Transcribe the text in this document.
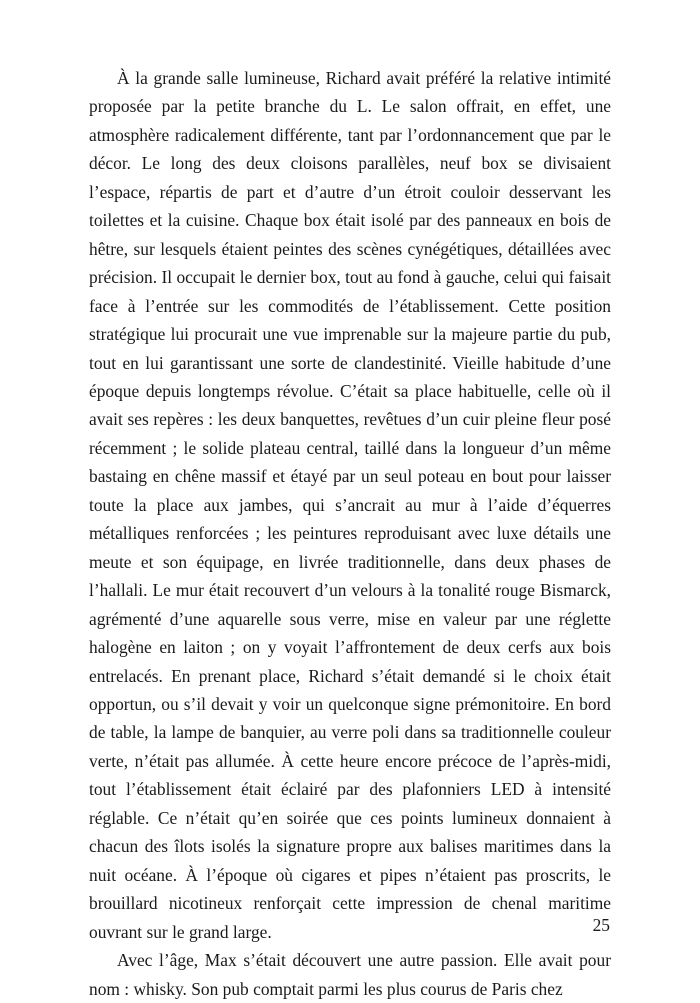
À la grande salle lumineuse, Richard avait préféré la relative intimité proposée par la petite branche du L. Le salon offrait, en effet, une atmosphère radicalement différente, tant par l’ordonnancement que par le décor. Le long des deux cloisons parallèles, neuf box se divisaient l’espace, répartis de part et d’autre d’un étroit couloir desservant les toilettes et la cuisine. Chaque box était isolé par des panneaux en bois de hêtre, sur lesquels étaient peintes des scènes cynégétiques, détaillées avec précision. Il occupait le dernier box, tout au fond à gauche, celui qui faisait face à l’entrée sur les commodités de l’établissement. Cette position stratégique lui procurait une vue imprenable sur la majeure partie du pub, tout en lui garantissant une sorte de clandestinité. Vieille habitude d’une époque depuis longtemps révolue. C’était sa place habituelle, celle où il avait ses repères : les deux banquettes, revêtues d’un cuir pleine fleur posé récemment ; le solide plateau central, taillé dans la longueur d’un même bastaing en chêne massif et étayé par un seul poteau en bout pour laisser toute la place aux jambes, qui s’ancrait au mur à l’aide d’équerres métalliques renforcées ; les peintures reproduisant avec luxe détails une meute et son équipage, en livrée traditionnelle, dans deux phases de l’hallali. Le mur était recouvert d’un velours à la tonalité rouge Bismarck, agrémenté d’une aquarelle sous verre, mise en valeur par une réglette halogène en laiton ; on y voyait l’affrontement de deux cerfs aux bois entrelacés. En prenant place, Richard s’était demandé si le choix était opportun, ou s’il devait y voir un quelconque signe prémonitoire. En bord de table, la lampe de banquier, au verre poli dans sa traditionnelle couleur verte, n’était pas allumée. À cette heure encore précoce de l’après-midi, tout l’établissement était éclairé par des plafonniers LED à intensité réglable. Ce n’était qu’en soirée que ces points lumineux donnaient à chacun des îlots isolés la signature propre aux balises maritimes dans la nuit océane. À l’époque où cigares et pipes n’étaient pas proscrits, le brouillard nicotineux renforçait cette impression de chenal maritime ouvrant sur le grand large.

Avec l’âge, Max s’était découvert une autre passion. Elle avait pour nom : whisky. Son pub comptait parmi les plus courus de Paris chez

25
